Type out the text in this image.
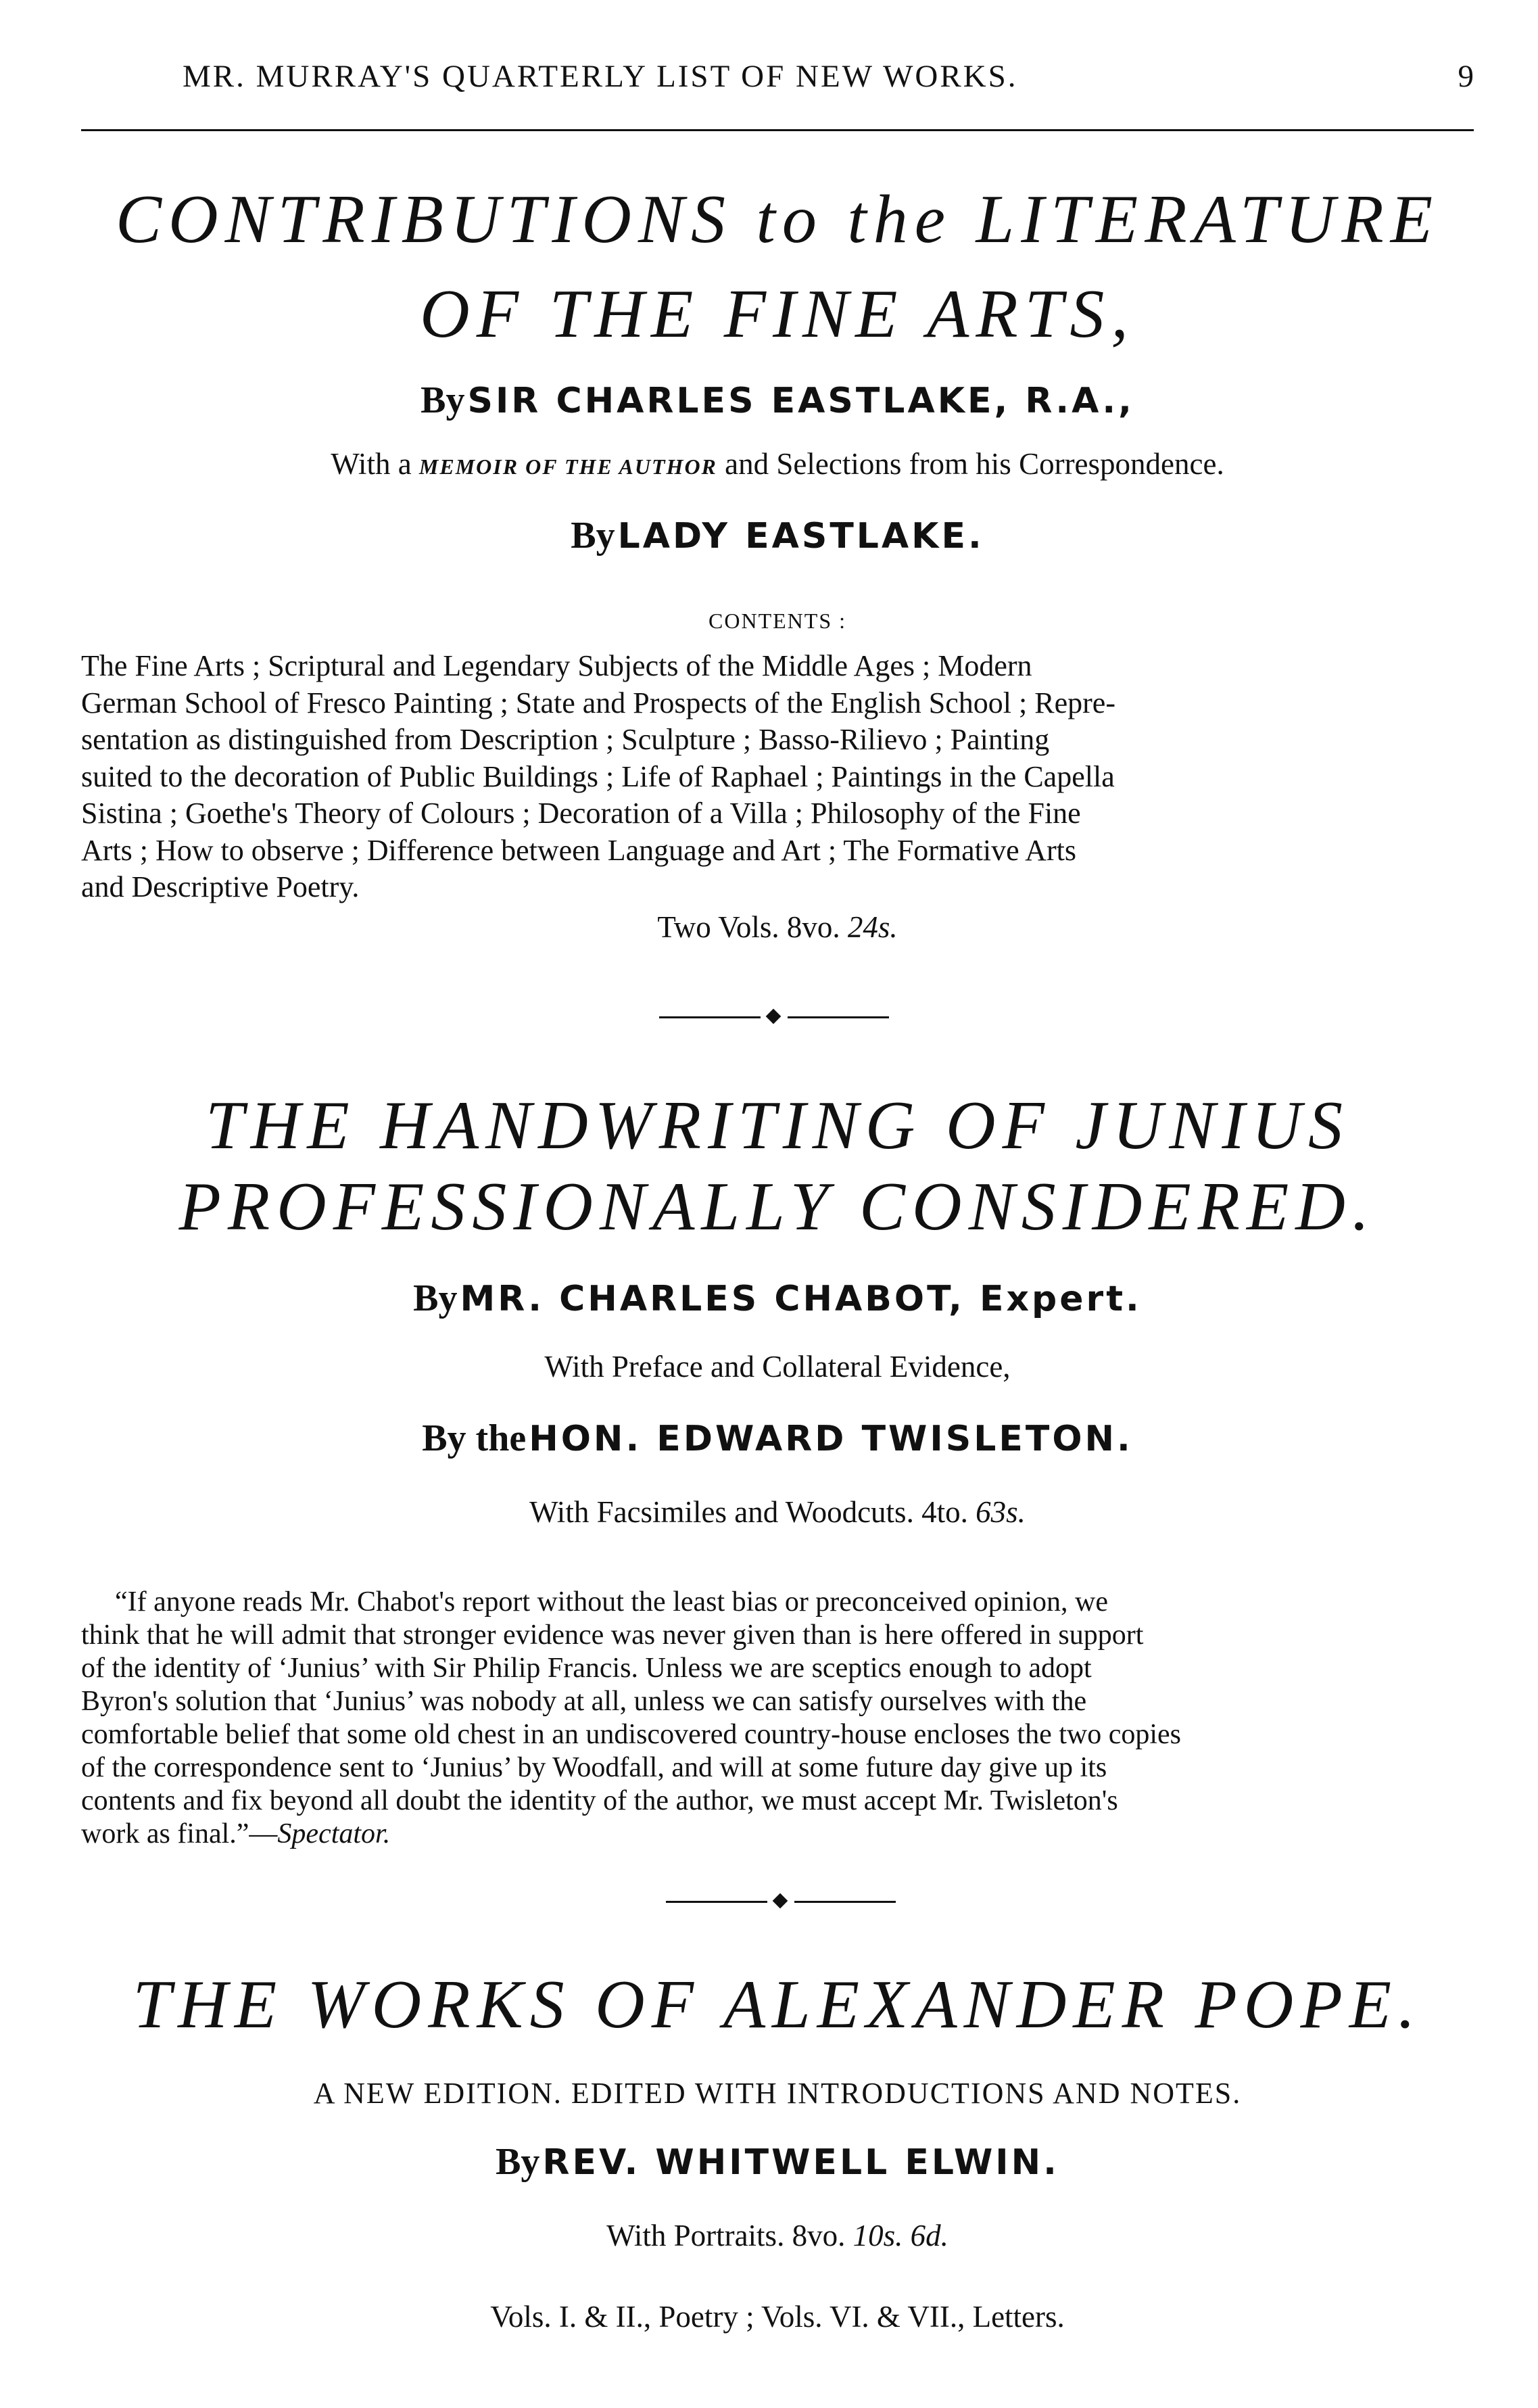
MR. MURRAY'S QUARTERLY LIST OF NEW WORKS.	9
CONTRIBUTIONS to the LITERATURE
OF THE FINE ARTS,
By SIR CHARLES EASTLAKE, R.A.,
With a MEMOIR OF THE AUTHOR and Selections from his Correspondence.
By LADY EASTLAKE.
CONTENTS :
The Fine Arts ; Scriptural and Legendary Subjects of the Middle Ages ; Modern
German School of Fresco Painting ; State and Prospects of the English School ; Repre-
sentation as distinguished from Description ; Sculpture ; Basso-Rilievo ; Painting
suited to the decoration of Public Buildings ; Life of Raphael ; Paintings in the Capella
Sistina ; Goethe's Theory of Colours ; Decoration of a Villa ; Philosophy of the Fine
Arts ; How to observe ; Difference between Language and Art ; The Formative Arts
and Descriptive Poetry.
Two Vols. 8vo. 24s.
THE HANDWRITING OF JUNIUS
PROFESSIONALLY CONSIDERED.
By MR. CHARLES CHABOT, Expert.
With Preface and Collateral Evidence,
By the HON. EDWARD TWISLETON.
With Facsimiles and Woodcuts. 4to. 63s.
“If anyone reads Mr. Chabot's report without the least bias or preconceived opinion, we
think that he will admit that stronger evidence was never given than is here offered in support
of the identity of ‘Junius’ with Sir Philip Francis. Unless we are sceptics enough to adopt
Byron's solution that ‘Junius’ was nobody at all, unless we can satisfy ourselves with the
comfortable belief that some old chest in an undiscovered country-house encloses the two copies
of the correspondence sent to ‘Junius’ by Woodfall, and will at some future day give up its
contents and fix beyond all doubt the identity of the author, we must accept Mr. Twisleton's
work as final.”—Spectator.
THE WORKS OF ALEXANDER POPE.
A NEW EDITION. EDITED WITH INTRODUCTIONS AND NOTES.
By REV. WHITWELL ELWIN.
With Portraits. 8vo. 10s. 6d.
Vols. I. & II., Poetry ; Vols. VI. & VII., Letters.
